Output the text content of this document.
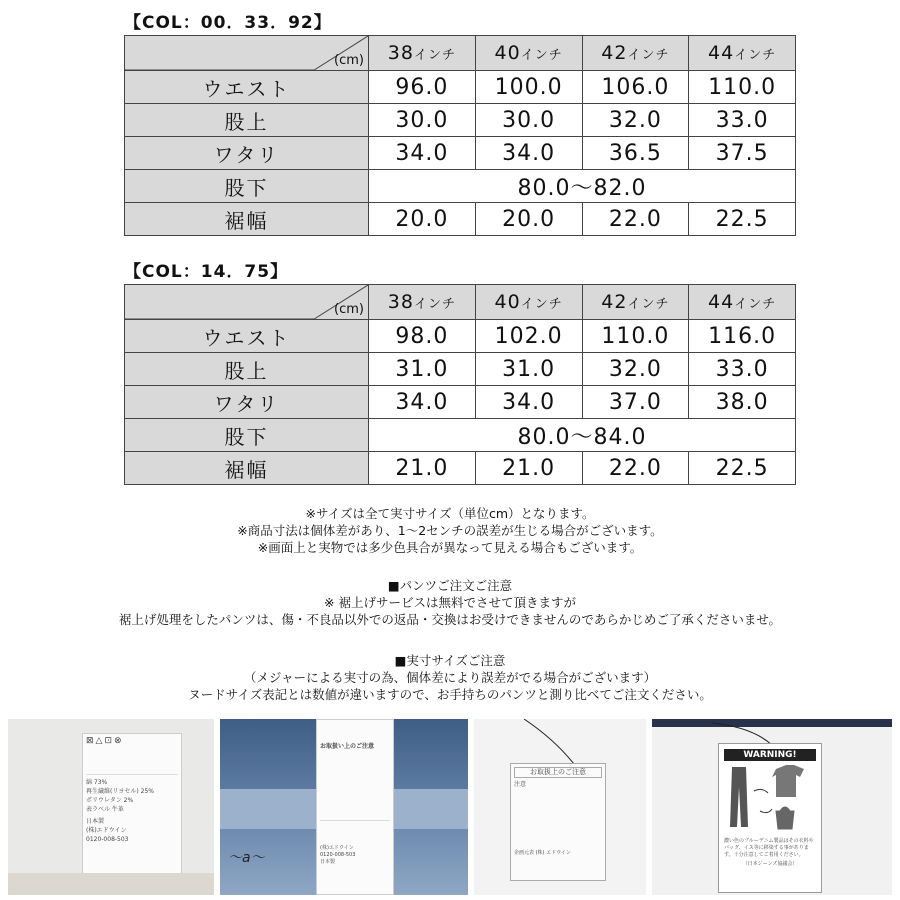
【COL：00．33．92】
(cm)	38インチ	40インチ	42インチ	44インチ
ウエスト	96.0	100.0	106.0	110.0
股上	30.0	30.0	32.0	33.0
ワタリ	34.0	34.0	36.5	37.5
股下	80.0〜82.0			
裾幅	20.0	20.0	22.0	22.5
【COL：14．75】
(cm)	38インチ	40インチ	42インチ	44インチ
ウエスト	98.0	102.0	110.0	116.0
股上	31.0	31.0	32.0	33.0
ワタリ	34.0	34.0	37.0	38.0
股下	80.0〜84.0			
裾幅	21.0	21.0	22.0	22.5

※サイズは全て実寸サイズ（単位cm）となります。

※商品寸法は個体差があり、1〜2センチの誤差が生じる場合がございます。

※画面上と実物では多少色具合が異なって見える場合もございます。

■パンツご注文ご注意

※ 裾上げサービスは無料でさせて頂きますが

裾上げ処理をしたパンツは、傷・不良品以外での返品・交換はお受けできませんのであらかじめご了承くださいませ。

■実寸サイズご注意

（メジャーによる実寸の為、個体差により誤差がでる場合がございます）

ヌードサイズ表記とは数値が違いますので、お手持ちのパンツと測り比べてご注文ください。

⊠△⊡⊗
綿 73%
再生繊維(リヨセル) 25%
ポリウレタン 2%
表ラベル 牛革
日本製
(株)エドウイン
0120-008-503
〜a〜
お取扱い上のご注意
(株)エドウイン
0120-008-503
日本製
お取扱上のご注意
注意
企画元表 (株) エドウイン
WARNING!
濃い色のブルーデニム製品はその衣料やバッグ、イス等に移染する事があります。十分注意してご着用ください。
（日本ジーンズ協議会）
